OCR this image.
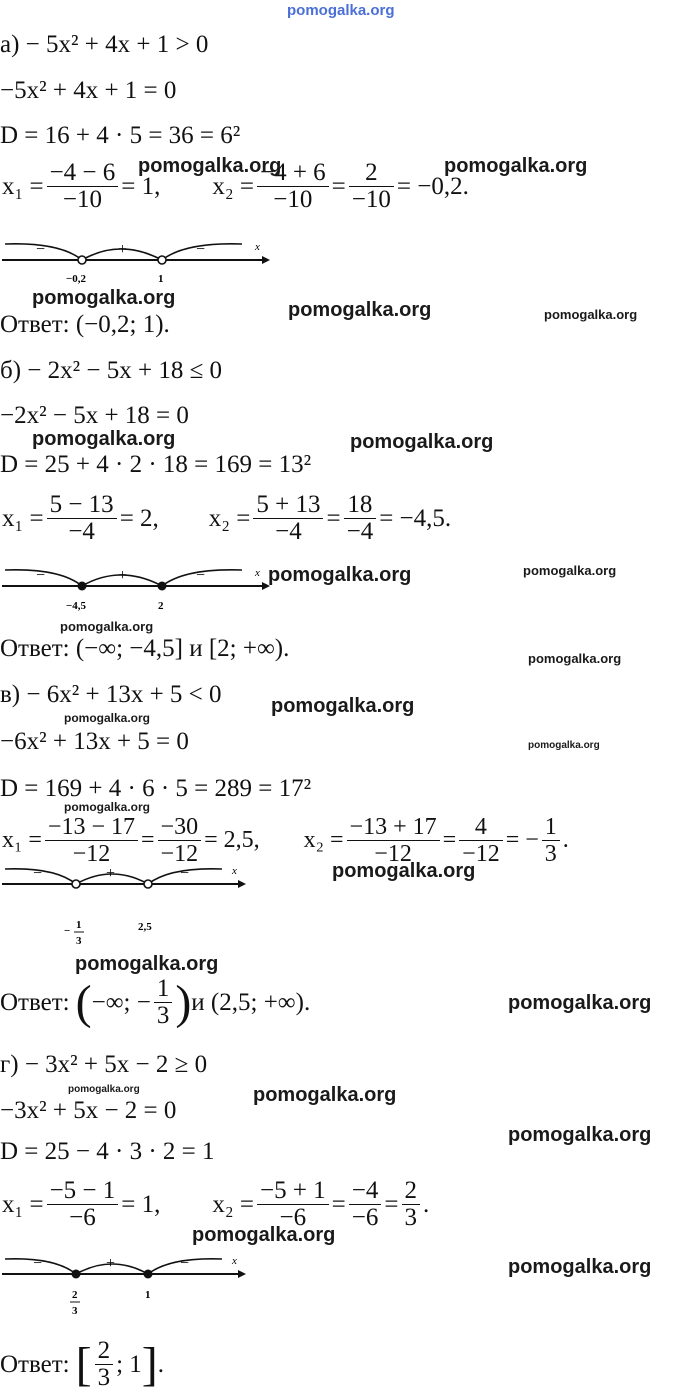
pomogalka.org
а) − 5x² + 4x + 1 > 0
−5x² + 4x + 1 = 0
D = 16 + 4 · 5 = 36 = 6²
$x_1 = \frac{-4 - 6}{-10} = 1$, $x_2 = \frac{-4 + 6}{-10} = \frac{2}{-10} = -0,2$.
−	+	−	x
−0,2	1
Ответ: (−0,2; 1).
б) − 2x² − 5x + 18 ≤ 0
−2x² − 5x + 18 = 0
D = 25 + 4 · 2 · 18 = 169 = 13²
$x_1 = \frac{5 - 13}{-4} = 2$, $x_2 = \frac{5 + 13}{-4} = \frac{18}{-4} = -4,5$.
−	+	−	x
−4,5	2
Ответ: (−∞; −4,5] и [2; +∞).
в) − 6x² + 13x + 5 < 0
−6x² + 13x + 5 = 0
D = 169 + 4 · 6 · 5 = 289 = 17²
$x_1 = \frac{-13 - 17}{-12} = \frac{-30}{-12} = 2,5$, $x_2 = \frac{-13 + 17}{-12} = \frac{4}{-12}$ = − $\frac{1}{3}$ .
−	+	−	x
− 1
3
2,5
Ответ: ( −∞; − $\frac{1}{3}$ ) и (2,5; +∞).
г) − 3x² + 5x − 2 ≥ 0
−3x² + 5x − 2 = 0
D = 25 − 4 · 3 · 2 = 1
$x_1 = \frac{-5 - 1}{-6} = 1$, $x_2 = \frac{-5 + 1}{-6} = \frac{-4}{-6} = \frac{2}{3}$ .
−	+	−	x
2
3
1
Ответ: [ $\frac{2}{3}$ ; 1 ] .
pomogalka.org	pomogalka.org
pomogalka.org
pomogalka.org	pomogalka.org
pomogalka.org	pomogalka.org
pomogalka.org	pomogalka.org
pomogalka.org
pomogalka.org
pomogalka.org
pomogalka.org
pomogalka.org
pomogalka.org
pomogalka.org
pomogalka.org
pomogalka.org
pomogalka.org	pomogalka.org
pomogalka.org
pomogalka.org
pomogalka.org
